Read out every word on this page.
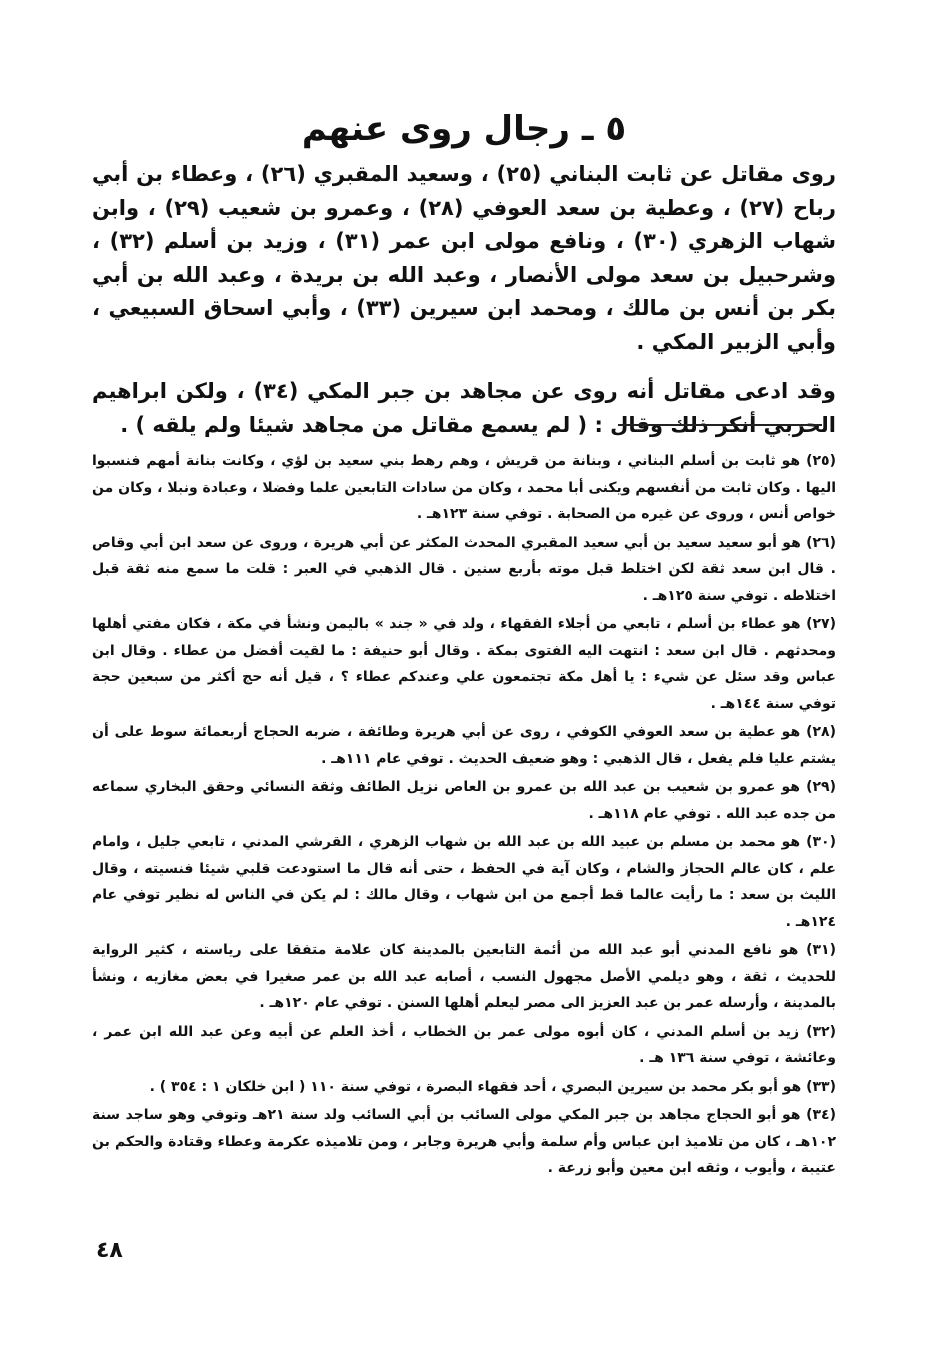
٥ ـ رجال روى عنهم

روى مقاتل عن ثابت البناني (٢٥) ، وسعيد المقبري (٢٦) ، وعطاء بن أبي رباح (٢٧) ، وعطية بن سعد العوفي (٢٨) ، وعمرو بن شعيب (٢٩) ، وابن شهاب الزهري (٣٠) ، ونافع مولى ابن عمر (٣١) ، وزيد بن أسلم (٣٢) ، وشرحبيل بن سعد مولى الأنصار ، وعبد الله بن بريدة ، وعبد الله بن أبي بكر بن أنس بن مالك ، ومحمد ابن سيرين (٣٣) ، وأبي اسحاق السبيعي ، وأبي الزبير المكي .

وقد ادعى مقاتل أنه روى عن مجاهد بن جبر المكي (٣٤) ، ولكن ابراهيم الحربي أنكر ذلك وقال : ( لم يسمع مقاتل من مجاهد شيئا ولم يلقه ) .

(٢٥) هو ثابت بن أسلم البناني ، وبنانة من قريش ، وهم رهط بني سعيد بن لؤي ، وكانت بنانة أمهم فنسبوا اليها . وكان ثابت من أنفسهم ويكنى أبا محمد ، وكان من سادات التابعين علما وفضلا ، وعبادة ونبلا ، وكان من خواص أنس ، وروى عن غيره من الصحابة . توفي سنة ١٢٣هـ .

(٢٦) هو أبو سعيد سعيد بن أبي سعيد المقبري المحدث المكثر عن أبي هريرة ، وروى عن سعد ابن أبي وقاص . قال ابن سعد ثقة لكن اختلط قبل موته بأربع سنين . قال الذهبي في العبر : قلت ما سمع منه ثقة قبل اختلاطه . توفي سنة ١٢٥هـ .

(٢٧) هو عطاء بن أسلم ، تابعي من أجلاء الفقهاء ، ولد في « جند » باليمن ونشأ في مكة ، فكان مفتي أهلها ومحدثهم . قال ابن سعد : انتهت اليه الفتوى بمكة . وقال أبو حنيفة : ما لقيت أفضل من عطاء . وقال ابن عباس وقد سئل عن شيء : يا أهل مكة تجتمعون علي وعندكم عطاء ؟ ، قيل أنه حج أكثر من سبعين حجة توفي سنة ١٤٤هـ .

(٢٨) هو عطية بن سعد العوفي الكوفي ، روى عن أبي هريرة وطائفة ، ضربه الحجاج أربعمائة سوط على أن يشتم عليا فلم يفعل ، قال الذهبي : وهو ضعيف الحديث . توفي عام ١١١هـ .

(٢٩) هو عمرو بن شعيب بن عبد الله بن عمرو بن العاص نزيل الطائف وثقة النسائي وحقق البخاري سماعه من جده عبد الله . توفي عام ١١٨هـ .

(٣٠) هو محمد بن مسلم بن عبيد الله بن عبد الله بن شهاب الزهري ، القرشي المدني ، تابعي جليل ، وامام علم ، كان عالم الحجاز والشام ، وكان آية في الحفظ ، حتى أنه قال ما استودعت قلبي شيئا فنسيته ، وقال الليث بن سعد : ما رأيت عالما قط أجمع من ابن شهاب ، وقال مالك : لم يكن في الناس له نظير توفي عام ١٢٤هـ .

(٣١) هو نافع المدني أبو عبد الله من أئمة التابعين بالمدينة كان علامة متفقا على رياسته ، كثير الرواية للحديث ، ثقة ، وهو ديلمي الأصل مجهول النسب ، أصابه عبد الله بن عمر صغيرا في بعض مغازيه ، ونشأ بالمدينة ، وأرسله عمر بن عبد العزيز الى مصر ليعلم أهلها السنن . توفي عام ١٢٠هـ .

(٣٢) زيد بن أسلم المدني ، كان أبوه مولى عمر بن الخطاب ، أخذ العلم عن أبيه وعن عبد الله ابن عمر ، وعائشة ، توفي سنة ١٣٦ هـ .

(٣٣) هو أبو بكر محمد بن سيرين البصري ، أحد فقهاء البصرة ، توفي سنة ١١٠ ( ابن خلكان ١ : ٣٥٤ ) .

(٣٤) هو أبو الحجاج مجاهد بن جبر المكي مولى السائب بن أبي السائب ولد سنة ٢١هـ وتوفي وهو ساجد سنة ١٠٢هـ ، كان من تلاميذ ابن عباس وأم سلمة وأبي هريرة وجابر ، ومن تلاميذه عكرمة وعطاء وقتادة والحكم بن عتيبة ، وأيوب ، وثقه ابن معين وأبو زرعة .

٤٨
